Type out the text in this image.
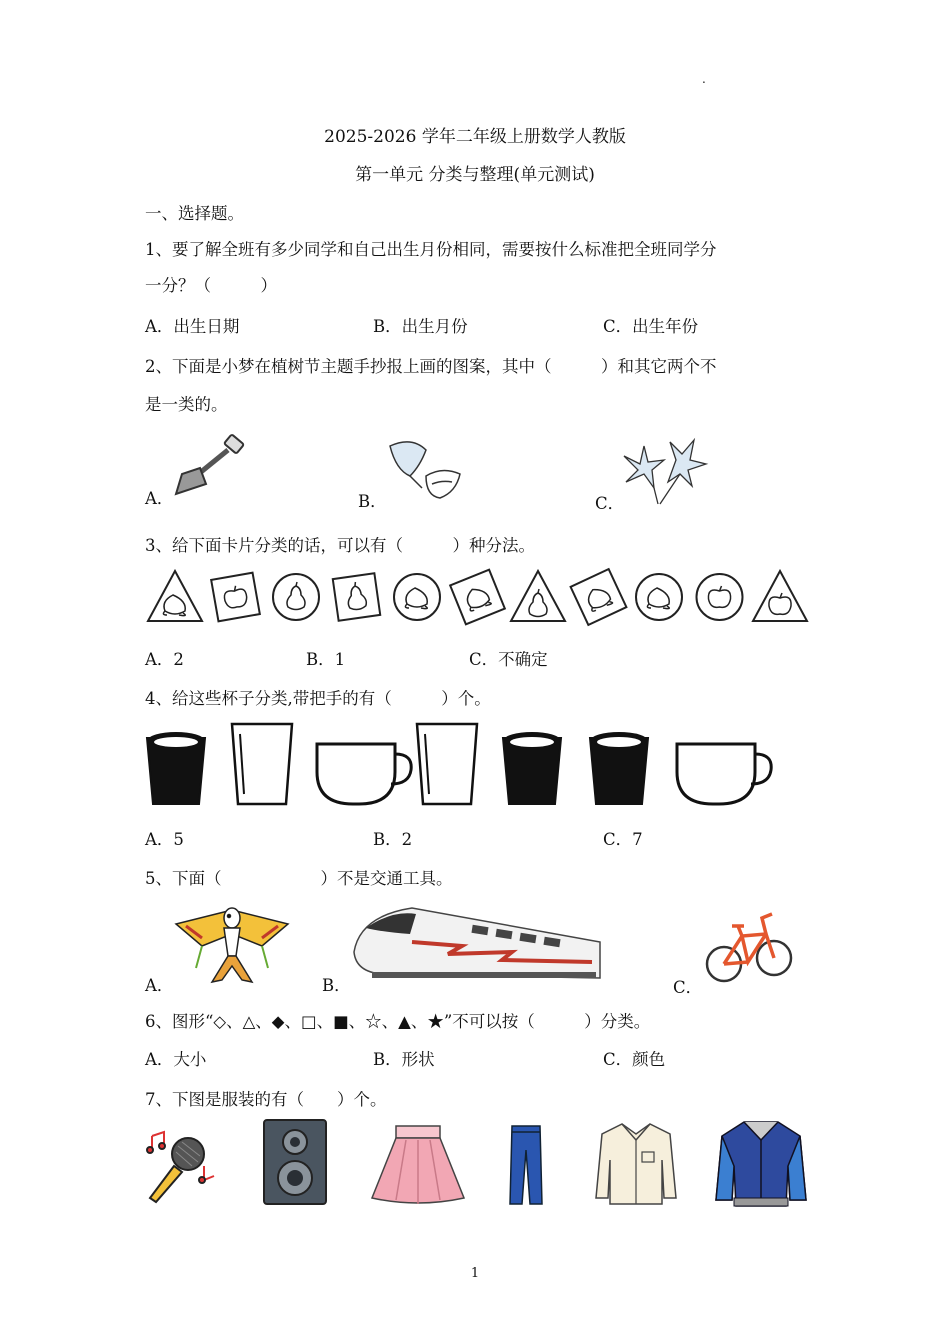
.
2025-2026 学年二年级上册数学人教版
第一单元 分类与整理(单元测试)
一、选择题。
1、要了解全班有多少同学和自己出生月份相同，需要按什么标准把全班同学分
一分？（　　　）
A．出生日期	B．出生月份	C．出生年份
2、下面是小梦在植树节主题手抄报上画的图案，其中（　　　）和其它两个不
是一类的。
A．	B．	C．
3、给下面卡片分类的话，可以有（　　　）种分法。
A．2	B．1	C．不确定
4、给这些杯子分类,带把手的有（　　　）个。
A．5	B．2	C．7
5、下面（　　　　　　）不是交通工具。
A．	B．	C．
6、图形“◇、△、◆、□、■、☆、▲、★”不可以按（　　　）分类。
A．大小	B．形状	C．颜色
7、下图是服装的有（　　）个。
1
